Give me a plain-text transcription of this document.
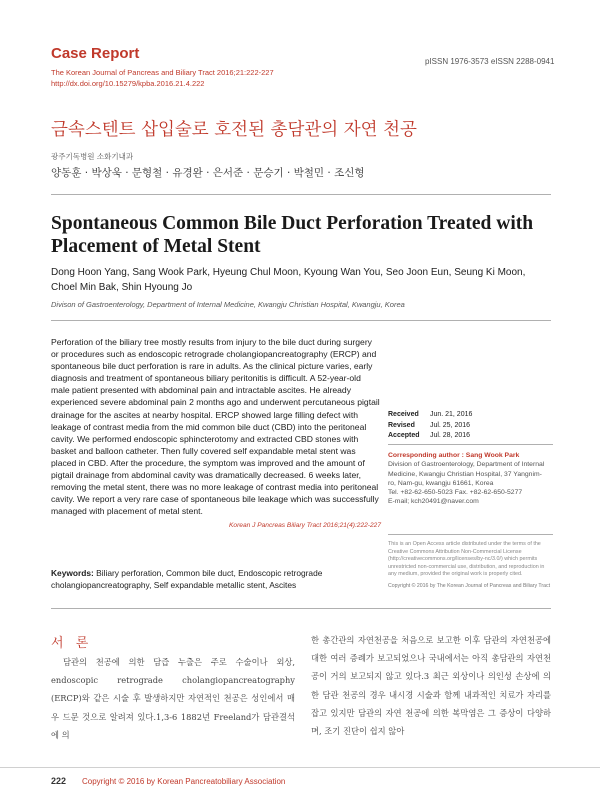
Case Report
The Korean Journal of Pancreas and Biliary Tract 2016;21:222-227
http://dx.doi.org/10.15279/kpba.2016.21.4.222
pISSN 1976-3573 eISSN 2288-0941
금속스텐트 삽입술로 호전된 총담관의 자연 천공
광주기독병원 소화기내과
양동훈 · 박상욱 · 문형철 · 유경완 · 은서준 · 문승기 · 박철민 · 조신형
Spontaneous Common Bile Duct Perforation Treated with Placement of Metal Stent
Dong Hoon Yang, Sang Wook Park, Hyeung Chul Moon, Kyoung Wan You, Seo Joon Eun, Seung Ki Moon, Choel Min Bak, Shin Hyoung Jo
Divison of Gastroenterology, Department of Internal Medicine, Kwangju Christian Hospital, Kwangju, Korea
Perforation of the biliary tree mostly results from injury to the bile duct during surgery or procedures such as endoscopic retrograde cholangiopancreatography (ERCP) and spontaneous bile duct perforation is rare in adults. As the clinical picture varies, early diagnosis and treatment of spontaneous biliary peritonitis is difficult. A 52-year-old male patient presented with abdominal pain and intractable ascites. He already experienced severe abdominal pain 2 months ago and underwent percutaneous pigtail drainage for the ascites at nearby hospital. ERCP showed large filling defect with leakage of contrast media from the mid common bile duct (CBD) into the peritoneal cavity. We performed endoscopic sphincterotomy and extracted CBD stones with basket and balloon catheter. Then fully covered self expandable metal stent was placed in CBD. After the procedure, the symptom was improved and the amount of pigtail drainage from abdominal cavity was dramatically decreased. 6 weeks later, removing the metal stent, there was no more leakage of contrast media into peritoneal cavity. We report a very rare case of spontaneous bile leakage which was successfully managed with placement of metal stent.
Korean J Pancreas Biliary Tract 2016;21(4):222-227
Keywords: Biliary perforation, Common bile duct, Endoscopic retrograde cholangiopancreatography, Self expandable metallic stent, Ascites
Received Jun. 21, 2016
Revised Jul. 25, 2016
Accepted Jul. 28, 2016
Corresponding author : Sang Wook Park
Division of Gastroenterology, Department of Internal
Medicine, Kwangju Christian Hospital, 37 Yangnim-
ro, Nam-gu, kwangju 61661, Korea
Tel. +82-62-650-5023 Fax. +82-62-650-5277
E-mail; kch20491@naver.com
This is an Open Access article distributed under the terms of the Creative Commons Attribution Non-Commercial License (http://creativecommons.org/licenses/by-nc/3.0/) which permits unrestricted non-commercial use, distribution, and reproduction in any medium, provided the original work is properly cited.
Copyright © 2016 by The Korean Journal of Pancreas and Biliary Tract
서 론

담관의 천공에 의한 담즙 누출은 주로 수술이나 외상, endoscopic retrograde cholangiopancreatography (ERCP)와 같은 시술 후 발생하지만 자연적인 천공은 성인에서 매우 드문 것으로 알려져 있다.1,3-6 1882년 Freeland가 담관결석에 의

한 총간관의 자연천공을 처음으로 보고한 이후 담관의 자연천공에 대한 여러 증례가 보고되었으나 국내에서는 아직 총담관의 자연천공이 거의 보고되지 않고 있다.3 최근 외상이나 의인성 손상에 의한 담관 천공의 경우 내시경 시술과 함께 내과적인 치료가 자리를 잡고 있지만 담관의 자연 천공에 의한 복막염은 그 증상이 다양하며, 조기 진단이 쉽지 않아

222 Copyright © 2016 by Korean Pancreatobiliary Association
